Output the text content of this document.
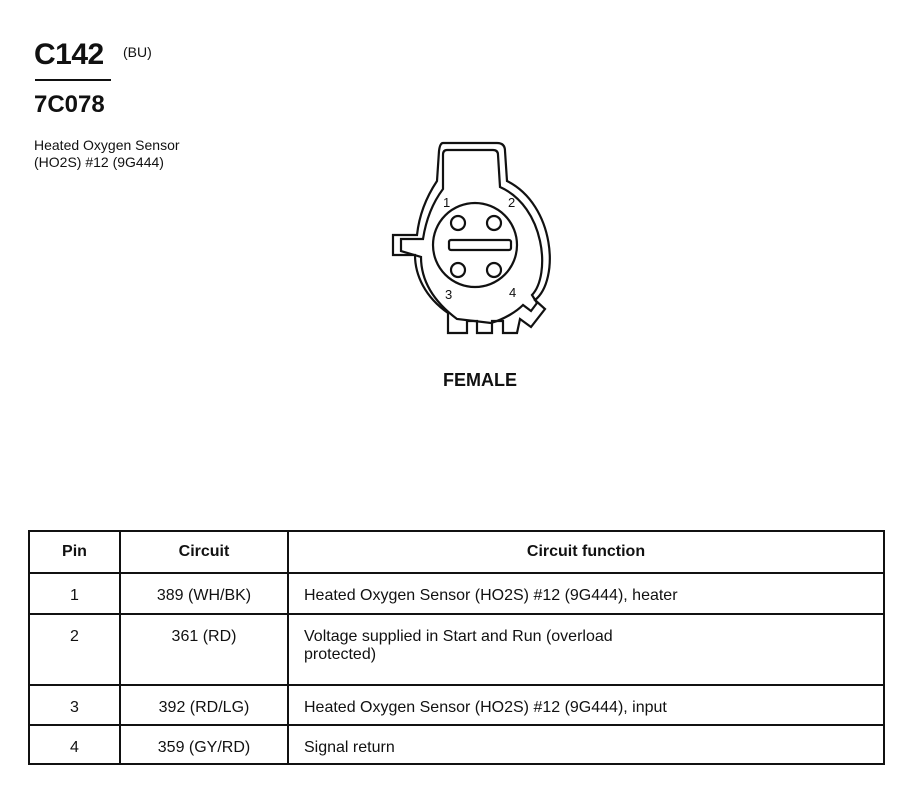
C142 (BU)
7C078
Heated Oxygen Sensor
(HO2S) #12 (9G444)
1	2
3	4
FEMALE
Pin	Circuit	Circuit function
1	389 (WH/BK)	Heated Oxygen Sensor (HO2S) #12 (9G444), heater
2	361 (RD)	Voltage supplied in Start and Run (overload
protected)

3	392 (RD/LG)	Heated Oxygen Sensor (HO2S) #12 (9G444), input
4	359 (GY/RD)	Signal return
